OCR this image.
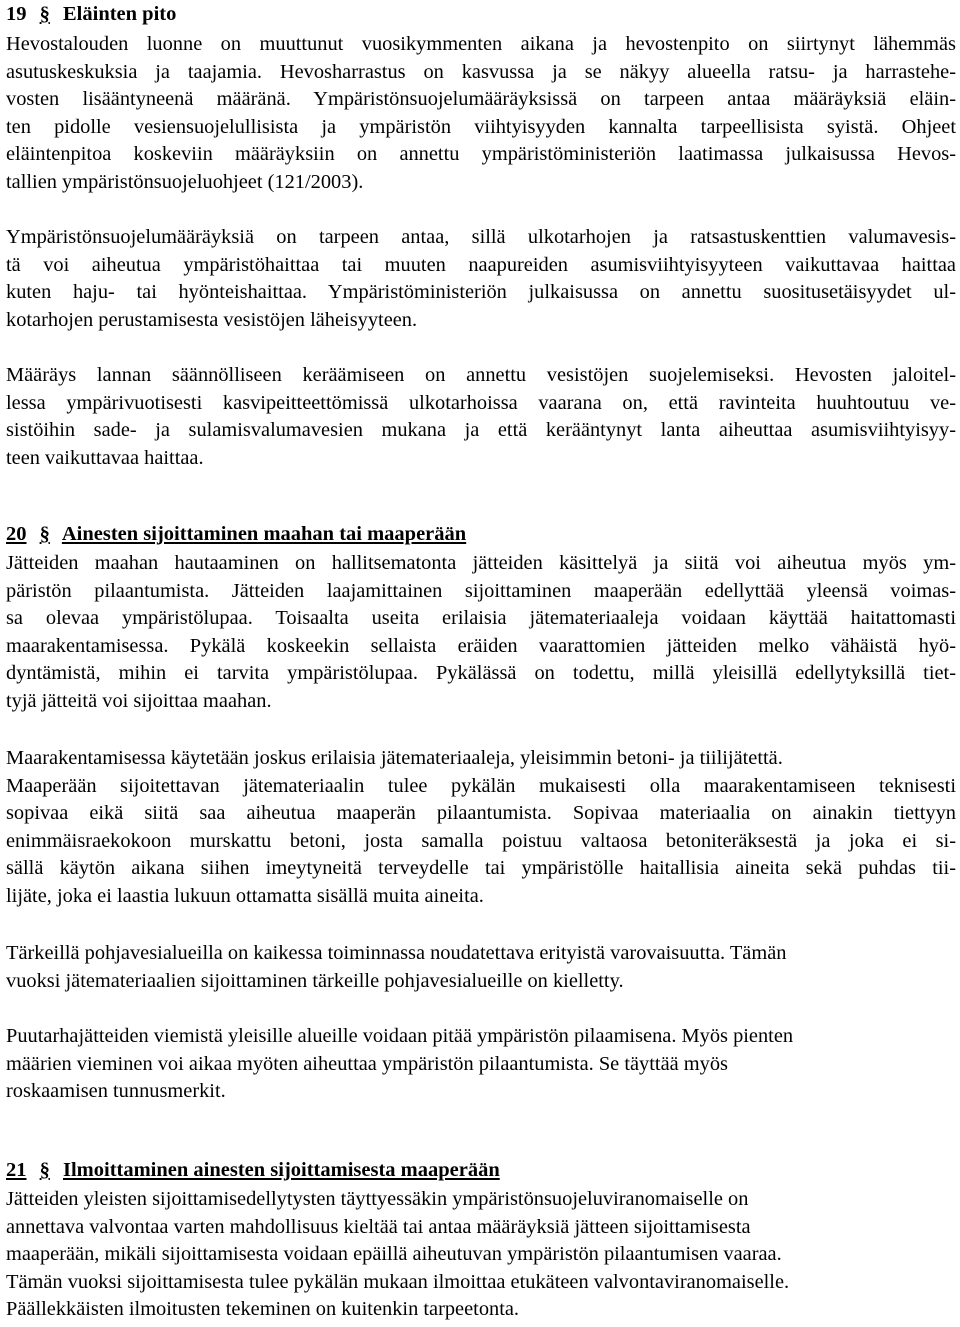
19 § Eläinten pito
Hevostalouden luonne on muuttunut vuosikymmenten aikana ja hevostenpito on siirtynyt lähemmäs
asutuskeskuksia ja taajamia. Hevosharrastus on kasvussa ja se näkyy alueella ratsu- ja harrastehe-
vosten lisääntyneenä määränä. Ympäristönsuojelumääräyksissä on tarpeen antaa määräyksiä eläin-
ten pidolle vesiensuojelullisista ja ympäristön viihtyisyyden kannalta tarpeellisista syistä. Ohjeet
eläintenpitoa koskeviin määräyksiin on annettu ympäristöministeriön laatimassa julkaisussa Hevos-
tallien ympäristönsuojeluohjeet (121/2003).
Ympäristönsuojelumääräyksiä on tarpeen antaa, sillä ulkotarhojen ja ratsastuskenttien valumavesis-
tä voi aiheutua ympäristöhaittaa tai muuten naapureiden asumisviihtyisyyteen vaikuttavaa haittaa
kuten haju- tai hyönteishaittaa. Ympäristöministeriön julkaisussa on annettu suositusetäisyydet ul-
kotarhojen perustamisesta vesistöjen läheisyyteen.
Määräys lannan säännölliseen keräämiseen on annettu vesistöjen suojelemiseksi. Hevosten jaloitel-
lessa ympärivuotisesti kasvipeitteettömissä ulkotarhoissa vaarana on, että ravinteita huuhtoutuu ve-
sistöihin sade- ja sulamisvalumavesien mukana ja että kerääntynyt lanta aiheuttaa asumisviihtyisyy-
teen vaikuttavaa haittaa.
20 § Ainesten sijoittaminen maahan tai maaperään
Jätteiden maahan hautaaminen on hallitsematonta jätteiden käsittelyä ja siitä voi aiheutua myös ym-
päristön pilaantumista. Jätteiden laajamittainen sijoittaminen maaperään edellyttää yleensä voimas-
sa olevaa ympäristölupaa. Toisaalta useita erilaisia jätemateriaaleja voidaan käyttää haitattomasti
maarakentamisessa. Pykälä koskeekin sellaista eräiden vaarattomien jätteiden melko vähäistä hyö-
dyntämistä, mihin ei tarvita ympäristölupaa. Pykälässä on todettu, millä yleisillä edellytyksillä tiet-
tyjä jätteitä voi sijoittaa maahan.
Maarakentamisessa käytetään joskus erilaisia jätemateriaaleja, yleisimmin betoni- ja tiilijätettä.
Maaperään sijoitettavan jätemateriaalin tulee pykälän mukaisesti olla maarakentamiseen teknisesti
sopivaa eikä siitä saa aiheutua maaperän pilaantumista. Sopivaa materiaalia on ainakin tiettyyn
enimmäisraekokoon murskattu betoni, josta samalla poistuu valtaosa betoniteräksestä ja joka ei si-
sällä käytön aikana siihen imeytyneitä terveydelle tai ympäristölle haitallisia aineita sekä puhdas tii-
lijäte, joka ei laastia lukuun ottamatta sisällä muita aineita.
Tärkeillä pohjavesialueilla on kaikessa toiminnassa noudatettava erityistä varovaisuutta. Tämän
vuoksi jätemateriaalien sijoittaminen tärkeille pohjavesialueille on kielletty.
Puutarhajätteiden viemistä yleisille alueille voidaan pitää ympäristön pilaamisena. Myös pienten
määrien vieminen voi aikaa myöten aiheuttaa ympäristön pilaantumista. Se täyttää myös
roskaamisen tunnusmerkit.
21 § Ilmoittaminen ainesten sijoittamisesta maaperään
Jätteiden yleisten sijoittamisedellytysten täyttyessäkin ympäristönsuojeluviranomaiselle on
annettava valvontaa varten mahdollisuus kieltää tai antaa määräyksiä jätteen sijoittamisesta
maaperään, mikäli sijoittamisesta voidaan epäillä aiheutuvan ympäristön pilaantumisen vaaraa.
Tämän vuoksi sijoittamisesta tulee pykälän mukaan ilmoittaa etukäteen valvontaviranomaiselle.
Päällekkäisten ilmoitusten tekeminen on kuitenkin tarpeetonta.
